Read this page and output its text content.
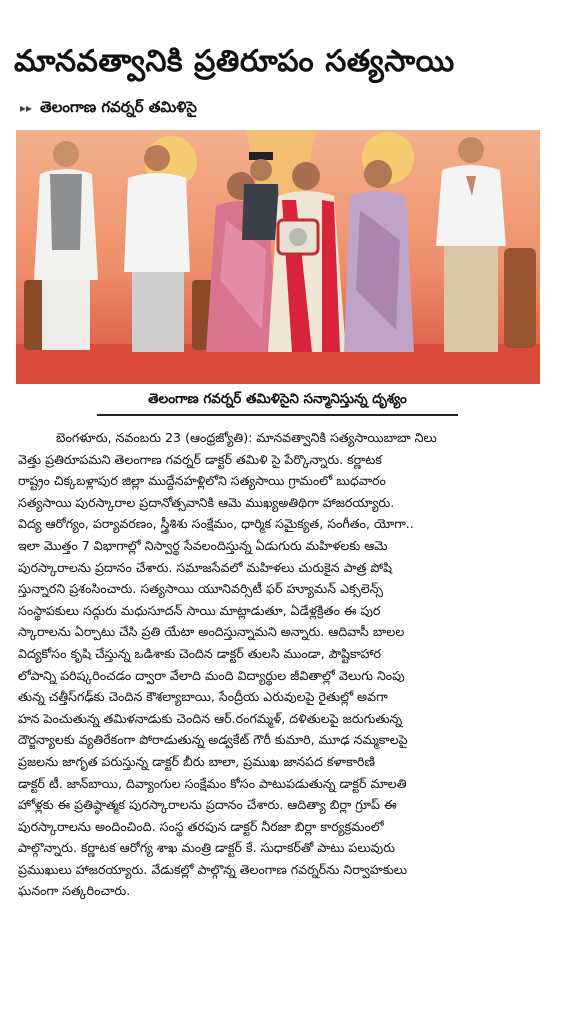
మానవత్వానికి ప్రతిరూపం సత్యసాయి
▸▸ తెలంగాణ గవర్నర్ తమిళిసై
తెలంగాణ గవర్నర్ తమిళిసైని సన్మానిస్తున్న దృశ్యం
బెంగళూరు, నవంబరు 23 (ఆంధ్రజ్యోతి): మానవత్వానికి సత్యసాయిబాబా నిలు
వెత్తు ప్రతిరూపమని తెలంగాణ గవర్నర్ డాక్టర్ తమిళి సై పేర్కొన్నారు. కర్ణాటక
రాష్ట్రం చిక్కబళ్లాపుర జిల్లా ముద్దేనహళ్లిలోని సత్యసాయి గ్రామంలో బుధవారం
సత్యసాయి పురస్కారాల ప్రదానోత్సవానికి ఆమె ముఖ్యఅతిథిగా హాజరయ్యారు.
విద్య ఆరోగ్యం, పర్యావరణం, స్త్రీశిశు సంక్షేమం, ధార్మిక సమైక్యత, సంగీతం, యోగా..
ఇలా మొత్తం 7 విభాగాల్లో నిస్వార్థ సేవలందిస్తున్న ఏడుగురు మహిళలకు ఆమె
పురస్కారాలను ప్రదానం చేశారు. సమాజసేవలో మహిళలు చురుకైన పాత్ర పోషి
స్తున్నారని ప్రశంసించారు. సత్యసాయి యూనివర్సిటీ ఫర్ హ్యూమన్ ఎక్సలెన్స్
సంస్థాపకులు సద్గురు మధుసూదన్ సాయి మాట్లాడుతూ, ఏడేళ్లక్రితం ఈ పుర
స్కారాలను ఏర్పాటు చేసి ప్రతి యేటా అందిస్తున్నామని అన్నారు. ఆదివాసీ బాలల
విద్యకోసం కృషి చేస్తున్న ఒడిశాకు చెందిన డాక్టర్ తులసి ముండా, పౌష్టికాహార
లోపాన్ని పరిష్కరించడం ద్వారా వేలాది మంది విద్యార్థుల జీవితాల్లో వెలుగు నింపు
తున్న చత్తీస్‌గఢ్‌కు చెందిన కౌశల్యాబాయి, సేంద్రీయ ఎరువులపై రైతుల్లో అవగా
హన పెంచుతున్న తమిళనాడుకు చెందిన ఆర్.రంగమ్మళ్, దళితులపై జరుగుతున్న
దౌర్జన్యాలకు వ్యతిరేకంగా పోరాడుతున్న అడ్వకేట్ గౌరీ కుమారి, మూఢ నమ్మకాలపై
ప్రజలను జాగృత పరుస్తున్న డాక్టర్ బీరు బాలా, ప్రముఖ జానపద కళాకారిణి
డాక్టర్ టీ. జాన్‌బాయి, దివ్యాంగుల సంక్షేమం కోసం పాటుపడుతున్న డాక్టర్ మాలతి
హోళ్లకు ఈ ప్రతిష్ఠాత్మక పురస్కారాలను ప్రదానం చేశారు. ఆదిత్యా బిర్లా గ్రూప్ ఈ
పురస్కారాలను అందించింది. సంస్థ తరపున డాక్టర్ నీరజా బిర్లా కార్యక్రమంలో
పాల్గొన్నారు. కర్ణాటక ఆరోగ్య శాఖ మంత్రి డాక్టర్ కే. సుధాకర్‌తో పాటు పలువురు
ప్రముఖులు హాజరయ్యారు. వేడుకల్లో పాల్గొన్న తెలంగాణ గవర్నర్‌ను నిర్వాహకులు
ఘనంగా సత్కరించారు.
